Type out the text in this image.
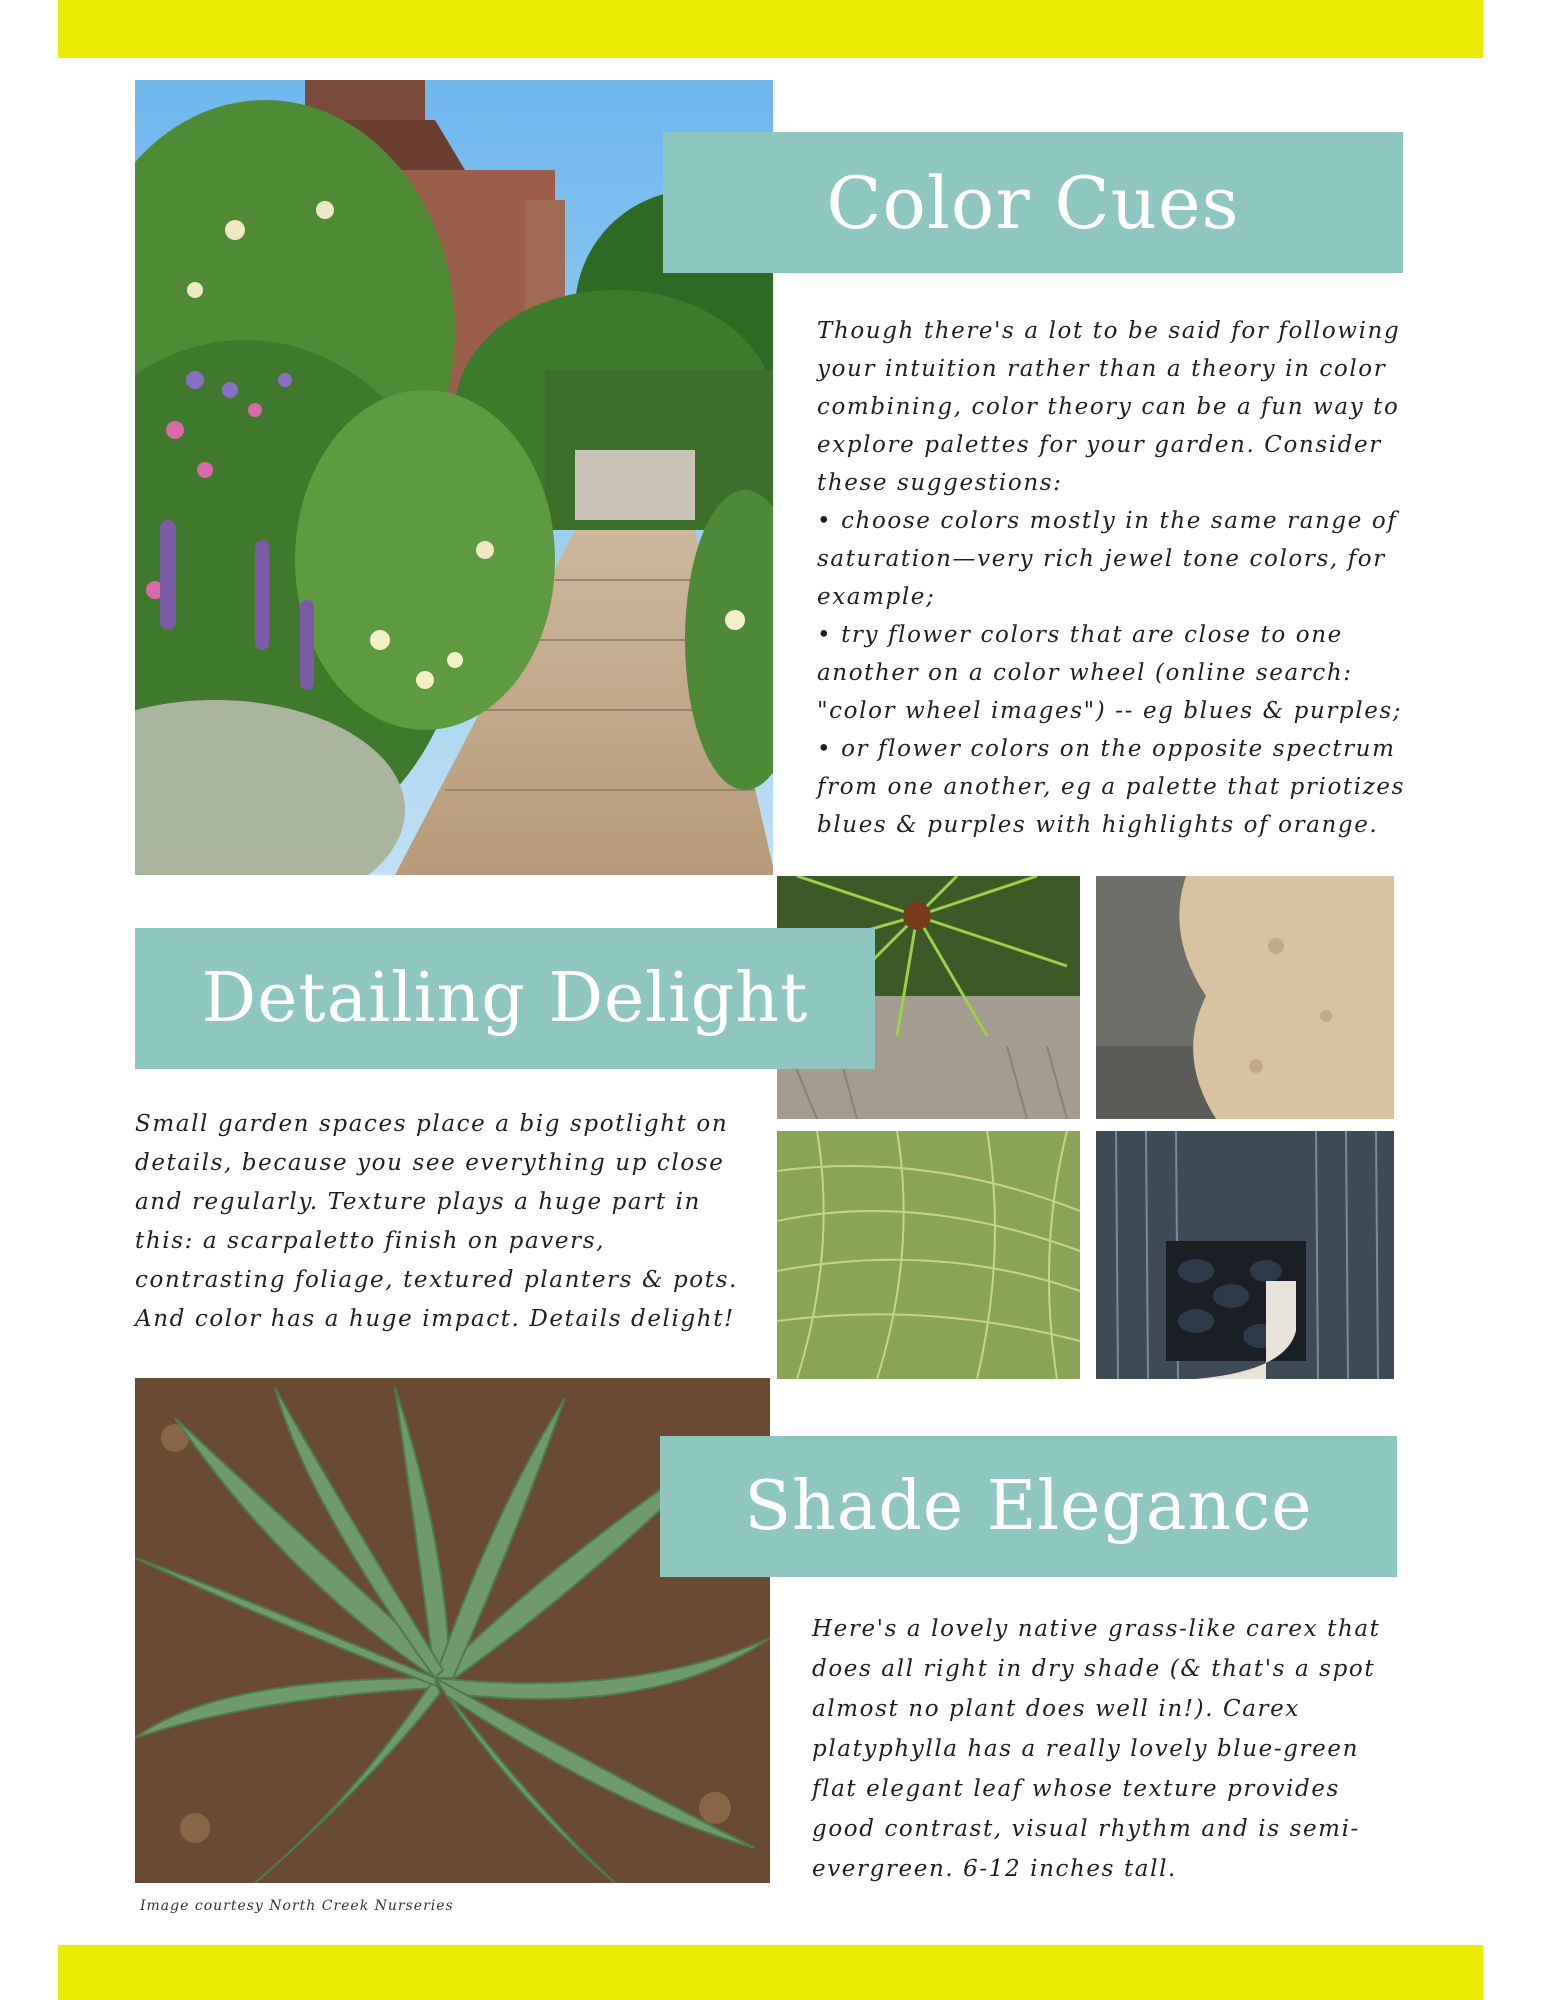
Color Cues

Though there's a lot to be said for following
your intuition rather than a theory in color
combining, color theory can be a fun way to
explore palettes for your garden. Consider
these suggestions:
• choose colors mostly in the same range of
saturation—very rich jewel tone colors, for
example;
• try flower colors that are close to one
another on a color wheel (online search:
"color wheel images") -- eg blues & purples;
• or flower colors on the opposite spectrum
from one another, eg a palette that priotizes
blues & purples with highlights of orange.

Detailing Delight

Small garden spaces place a big spotlight on
details, because you see everything up close
and regularly. Texture plays a huge part in
this: a scarpaletto finish on pavers,
contrasting foliage, textured planters & pots.
And color has a huge impact. Details delight!

Shade Elegance

Here's a lovely native grass-like carex that
does all right in dry shade (& that's a spot
almost no plant does well in!). Carex
platyphylla has a really lovely blue-green
flat elegant leaf whose texture provides
good contrast, visual rhythm and is semi-
evergreen. 6-12 inches tall.

Image courtesy North Creek Nurseries
